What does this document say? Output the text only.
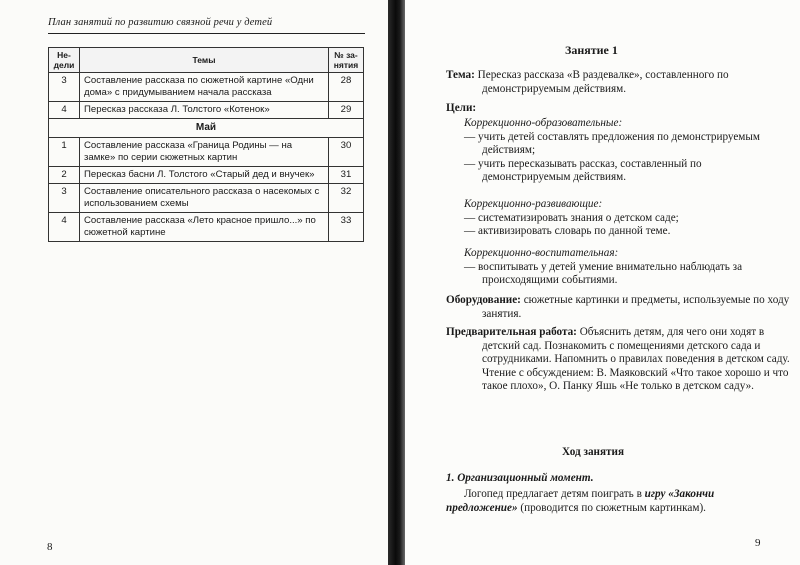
План занятий по развитию связной речи у детей
Не-
дели	Темы	№ за-
нятия
3	Составление рассказа по сюжетной картине «Одни дома» с придумыванием начала рассказа	28
4	Пересказ рассказа Л. Толстого «Котенок»	29
Май		
1	Составление рассказа «Граница Родины — на замке» по серии сюжетных картин	30
2	Пересказ басни Л. Толстого «Старый дед и внучек»	31
3	Составление описательного рассказа о насекомых с использованием схемы	32
4	Составление рассказа «Лето красное пришло...» по сюжетной картине	33
8
Занятие 1
Тема: Пересказ рассказа «В раздевалке», составленного по демонстрируемым действиям.
Цели:
Коррекционно-образовательные:
— учить детей составлять предложения по демонстрируемым действиям;
— учить пересказывать рассказ, составленный по демонстрируемым действиям.
Коррекционно-развивающие:
— систематизировать знания о детском саде;
— активизировать словарь по данной теме.
Коррекционно-воспитательная:
— воспитывать у детей умение внимательно наблюдать за происходящими событиями.
Оборудование: сюжетные картинки и предметы, используемые по ходу занятия.
Предварительная работа: Объяснить детям, для чего они ходят в детский сад. Познакомить с помещениями детского сада и сотрудниками. Напомнить о правилах поведения в детском саду. Чтение с обсуждением: В. Маяковский «Что такое хорошо и что такое плохо», О. Панку Яшь «Не только в детском саду».
Ход занятия
1. Организационный момент.
Логопед предлагает детям поиграть в игру «Закончи предложение» (проводится по сюжетным картинкам).
9
